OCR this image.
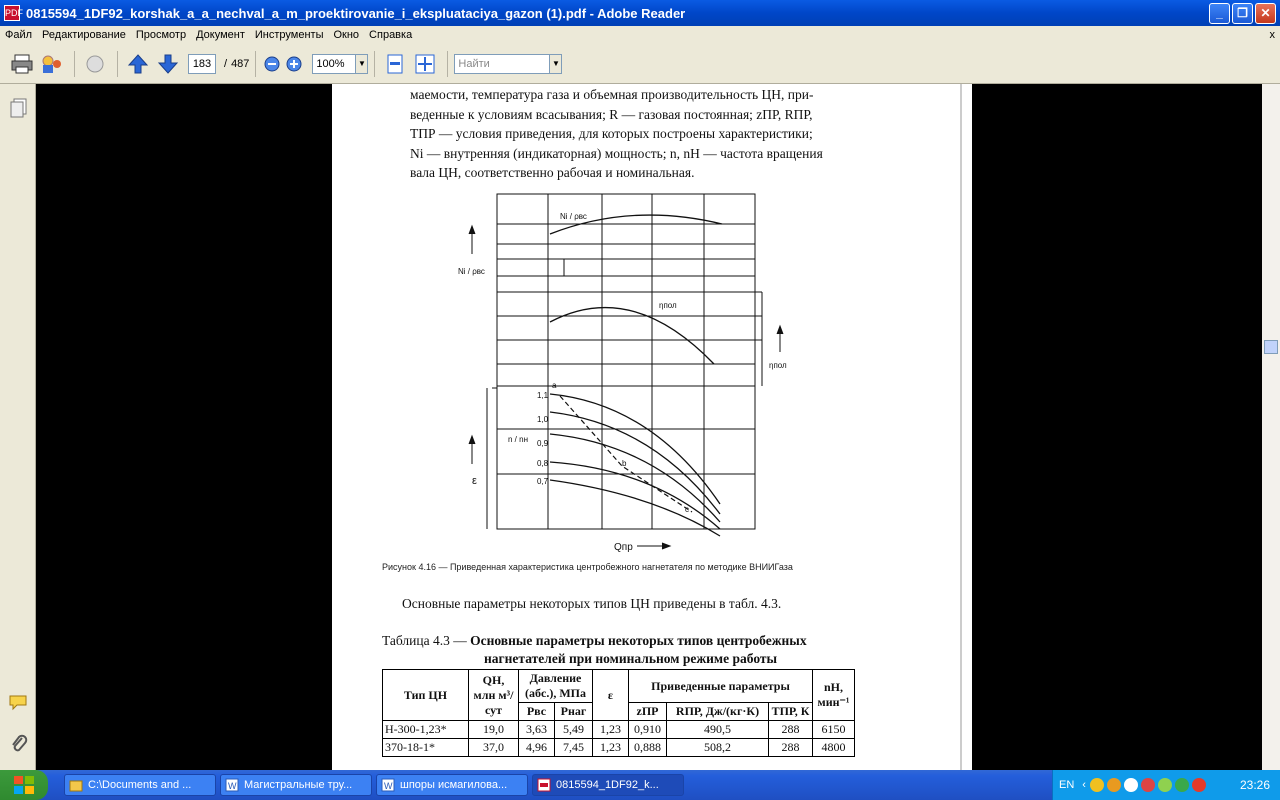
PDF 0815594_1DF92_korshak_a_a_nechval_a_m_proektirovanie_i_ekspluataciya_gazon (1).pdf - Adobe Reader	_	❐	✕
Файл Редактирование Просмотр Документ Инструменты Окно Справка	x
183	/ 487	100%	▼	Найти	▼
маемости, температура газа и объемная производительность ЦН, при-
веденные к условиям всасывания; R — газовая постоянная; zПР, RПР,
TПР — условия приведения, для которых построены характеристики;
Ni — внутренняя (индикаторная) мощность; n, nН — частота вращения
вала ЦН, соответственно рабочая и номинальная.
Ni / ρвс
Ni / ρвс
ηпол
ηпол
n / nн
ε
Qпр
a
b
c
1,1
1,0
0,9
0,8
0,7
Рисунок 4.16 — Приведенная характеристика центробежного нагнетателя по методике ВНИИГаза
Основные параметры некоторых типов ЦН приведены в табл. 4.3.
Таблица 4.3 — Основные параметры некоторых типов центробежных
нагнетателей при номинальном режиме работы
Тип ЦН	QН, млн м³/сут	Давление (абс.), МПа		ε	Приведенные параметры			nН, мин⁻¹
		Pвс	Pнаг		zПР	RПР, Дж/(кг·К)	TПР, К	
Н-300-1,23*	19,0	3,63	5,49	1,23	0,910	490,5	288	6150
370-18-1*	37,0	4,96	7,45	1,23	0,888	508,2	288	4800
C:\Documents and ...	W Магистральные тру...	W шпоры исмагилова...	0815594_1DF92_k...	EN ‹	23:26
